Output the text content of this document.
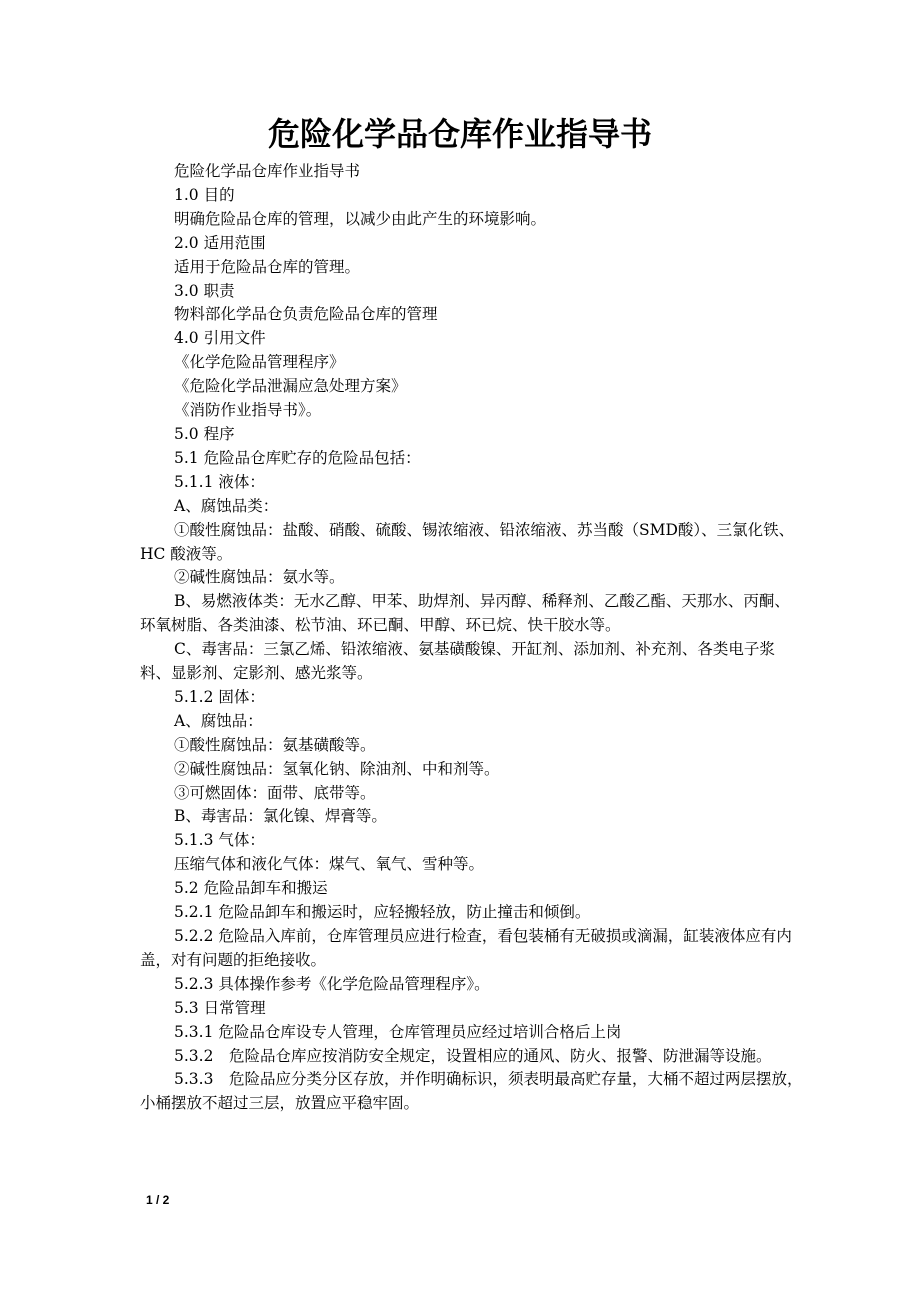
危险化学品仓库作业指导书

危险化学品仓库作业指导书

1.0 目的

明确危险品仓库的管理，以减少由此产生的环境影响。

2.0 适用范围

适用于危险品仓库的管理。

3.0 职责

物料部化学品仓负责危险品仓库的管理

4.0 引用文件

《化学危险品管理程序》

《危险化学品泄漏应急处理方案》

《消防作业指导书》。

5.0 程序

5.1 危险品仓库贮存的危险品包括：

5.1.1 液体：

A、腐蚀品类：

①酸性腐蚀品：盐酸、硝酸、硫酸、锡浓缩液、铅浓缩液、苏当酸（SMD酸）、三氯化铁、HC 酸液等。

②碱性腐蚀品：氨水等。

B、易燃液体类：无水乙醇、甲苯、助焊剂、异丙醇、稀释剂、乙酸乙酯、天那水、丙酮、环氧树脂、各类油漆、松节油、环已酮、甲醇、环已烷、快干胶水等。

C、毒害品：三氯乙烯、铅浓缩液、氨基磺酸镍、开缸剂、添加剂、补充剂、各类电子浆料、显影剂、定影剂、感光浆等。

5.1.2 固体：

A、腐蚀品：

①酸性腐蚀品：氨基磺酸等。

②碱性腐蚀品：氢氧化钠、除油剂、中和剂等。

③可燃固体：面带、底带等。

B、毒害品：氯化镍、焊膏等。

5.1.3 气体：

压缩气体和液化气体：煤气、氧气、雪种等。

5.2 危险品卸车和搬运

5.2.1 危险品卸车和搬运时，应轻搬轻放，防止撞击和倾倒。

5.2.2 危险品入库前，仓库管理员应进行检查，看包装桶有无破损或滴漏，缸装液体应有内盖，对有问题的拒绝接收。

5.2.3 具体操作参考《化学危险品管理程序》。

5.3 日常管理

5.3.1 危险品仓库设专人管理，仓库管理员应经过培训合格后上岗

5.3.2　危险品仓库应按消防安全规定，设置相应的通风、防火、报警、防泄漏等设施。

5.3.3　危险品应分类分区存放，并作明确标识，须表明最高贮存量，大桶不超过两层摆放，小桶摆放不超过三层，放置应平稳牢固。

1 / 2
